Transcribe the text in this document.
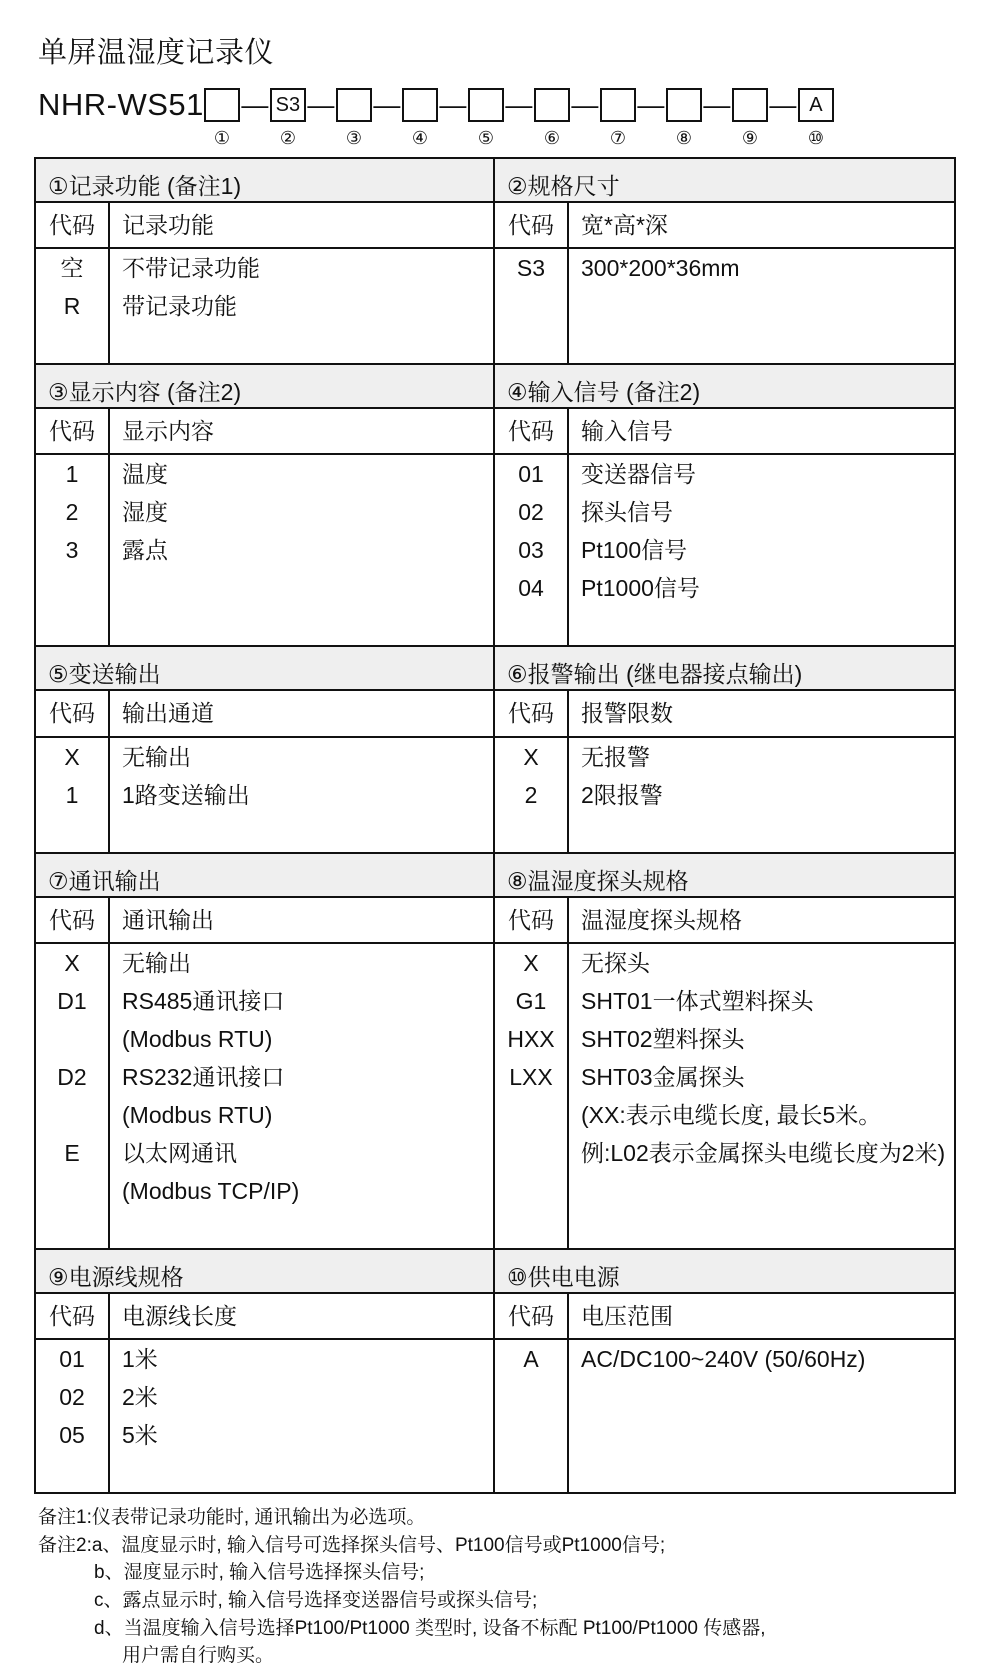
单屏温湿度记录仪
NHR-WS51 — S3 — — — — — — — — A
①	②	③	④	⑤	⑥	⑦	⑧	⑨	⑩
①记录功能 (备注1)
代码	记录功能
空	不带记录功能
R	带记录功能

②规格尺寸
代码	宽*高*深
S3	300*200*36mm

③显示内容 (备注2)
代码	显示内容
1	温度
2	湿度
3	露点

④输入信号 (备注2)
代码	输入信号
01	变送器信号
02	探头信号
03	Pt100信号
04	Pt1000信号

⑤变送输出
代码	输出通道
X	无输出
1	1路变送输出

⑥报警输出 (继电器接点输出)
代码	报警限数
X	无报警
2	2限报警

⑦通讯输出
代码	通讯输出
X	无输出
D1	RS485通讯接口
(Modbus RTU)
D2	RS232通讯接口
(Modbus RTU)
E	以太网通讯
(Modbus TCP/IP)

⑧温湿度探头规格
代码	温湿度探头规格
X	无探头
G1	SHT01一体式塑料探头
HXX	SHT02塑料探头
LXX	SHT03金属探头
(XX:表示电缆长度, 最长5米。
例:L02表示金属探头电缆长度为2米)

⑨电源线规格
代码	电源线长度
01	1米
02	2米
05	5米

⑩供电电源
代码	电压范围
A	AC/DC100~240V (50/60Hz)

备注1:仪表带记录功能时, 通讯输出为必选项。
备注2:a、温度显示时, 输入信号可选择探头信号、Pt100信号或Pt1000信号;
b、湿度显示时, 输入信号选择探头信号;
c、露点显示时, 输入信号选择变送器信号或探头信号;
d、当温度输入信号选择Pt100/Pt1000 类型时, 设备不标配 Pt100/Pt1000 传感器,
用户需自行购买。
